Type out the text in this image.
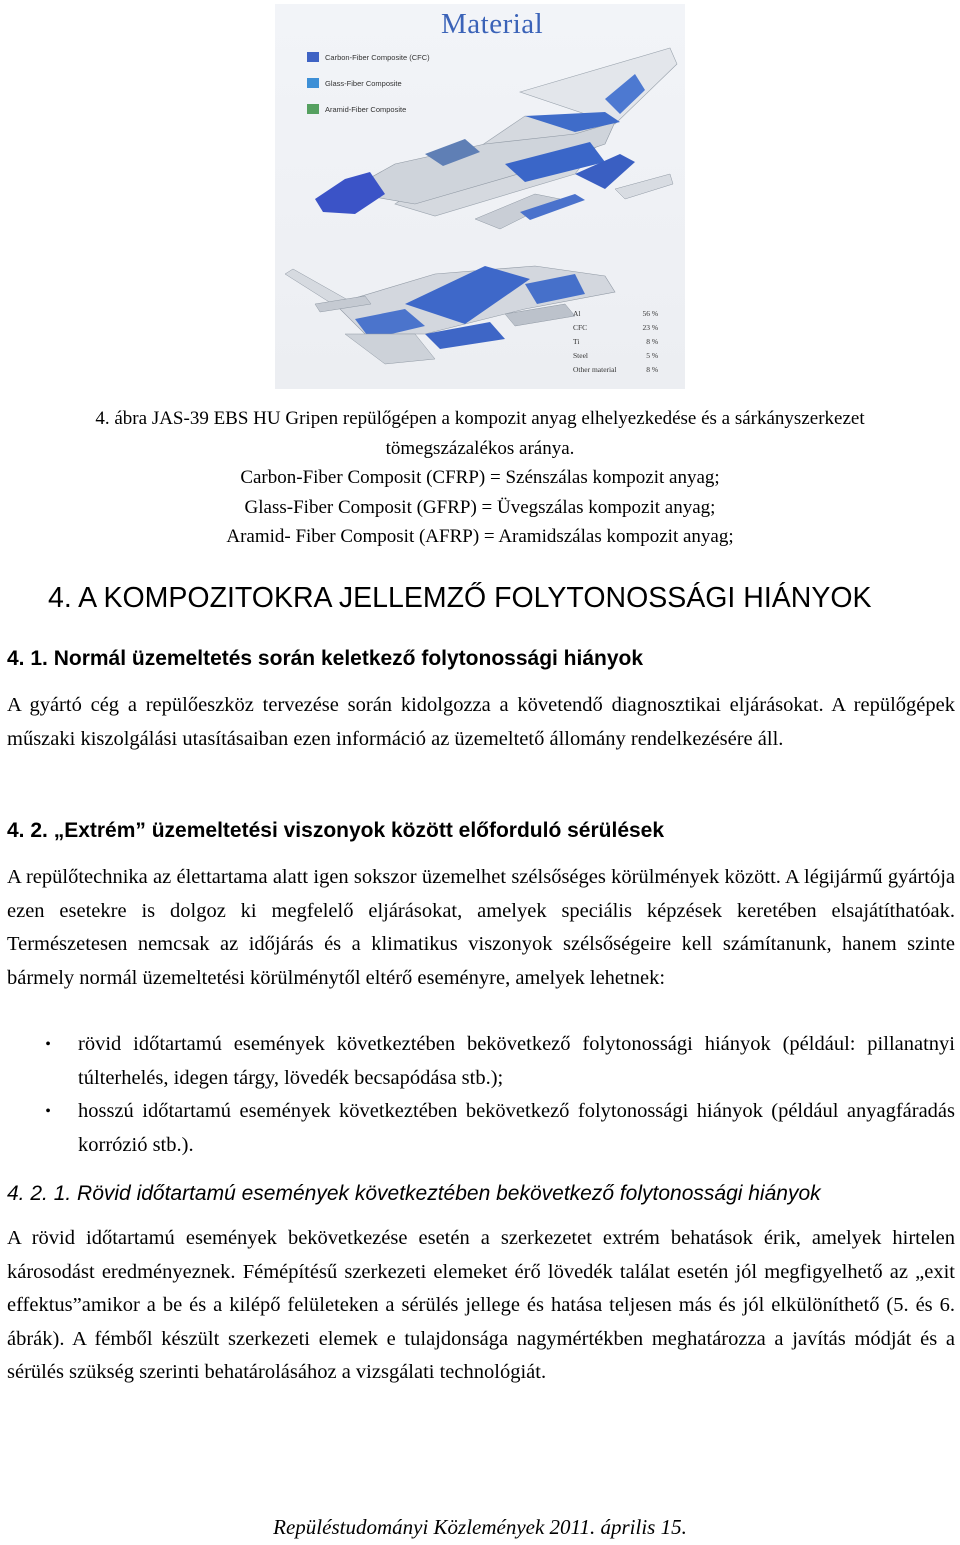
Material
Carbon-Fiber Composite (CFC)
Glass-Fiber Composite
Aramid-Fiber Composite
Al	56 %
CFC	23 %
Ti	8 %
Steel	5 %
Other material	8 %
4. ábra JAS-39 EBS HU Gripen repülőgépen a kompozit anyag elhelyezkedése és a sárkányszerkezet
tömegszázalékos aránya.
Carbon-Fiber Composit (CFRP) = Szénszálas kompozit anyag;
Glass-Fiber Composit (GFRP) = Üvegszálas kompozit anyag;
Aramid- Fiber Composit (AFRP) = Aramidszálas kompozit anyag;
4. A KOMPOZITOKRA JELLEMZŐ FOLYTONOSSÁGI HIÁNYOK
4. 1. Normál üzemeltetés során keletkező folytonossági hiányok

A gyártó cég a repülőeszköz tervezése során kidolgozza a követendő diagnosztikai eljárásokat. A repülőgépek műszaki kiszolgálási utasításaiban ezen információ az üzemeltető állomány rendelkezésére áll.

4. 2. „Extrém” üzemeltetési viszonyok között előforduló sérülések

A repülőtechnika az élettartama alatt igen sokszor üzemelhet szélsőséges körülmények között. A légijármű gyártója ezen esetekre is dolgoz ki megfelelő eljárásokat, amelyek speciális képzések keretében elsajátíthatóak. Természetesen nemcsak az időjárás és a klimatikus viszonyok szélsőségeire kell számítanunk, hanem szinte bármely normál üzemeltetési körülménytől eltérő eseményre, amelyek lehetnek:

•	rövid időtartamú események következtében bekövetkező folytonossági hiányok (például: pillanatnyi túlterhelés, idegen tárgy, lövedék becsapódása stb.);
•	hosszú időtartamú események következtében bekövetkező folytonossági hiányok (például anyagfáradás korrózió stb.).
4. 2. 1. Rövid időtartamú események következtében bekövetkező folytonossági hiányok

A rövid időtartamú események bekövetkezése esetén a szerkezetet extrém behatások érik, amelyek hirtelen károsodást eredményeznek. Fémépítésű szerkezeti elemeket érő lövedék találat esetén jól megfigyelhető az „exit effektus”amikor a be és a kilépő felületeken a sérülés jellege és hatása teljesen más és jól elkülöníthető (5. és 6. ábrák). A fémből készült szerkezeti elemek e tulajdonsága nagymértékben meghatározza a javítás módját és a sérülés szükség szerinti behatárolásához a vizsgálati technológiát.

Repüléstudományi Közlemények 2011. április 15.
